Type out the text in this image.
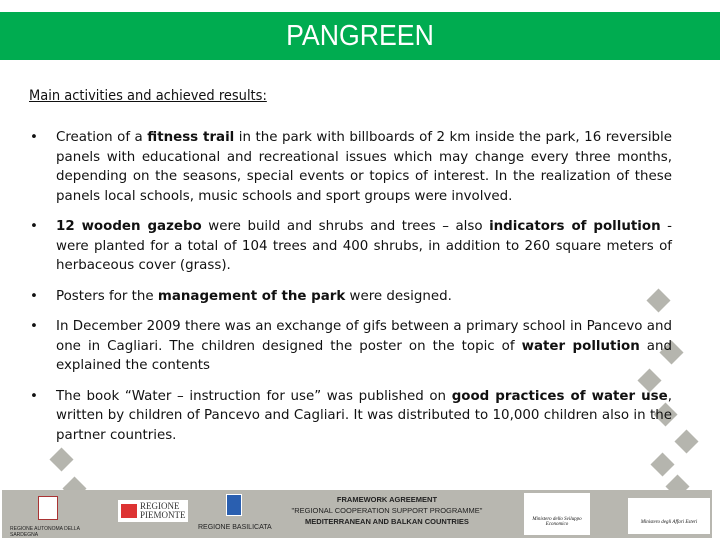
PANGREEN
Main activities and achieved results:
• Creation of a fitness trail in the park with billboards of 2 km inside the park, 16 reversible panels with educational and recreational issues which may change every three months, depending on the seasons, special events or topics of interest. In the realization of these panels local schools, music schools and sport groups were involved.
• 12 wooden gazebo were build and shrubs and trees – also indicators of pollution - were planted for a total of 104 trees and 400 shrubs, in addition to 260 square meters of herbaceous cover (grass).
• Posters for the management of the park were designed.
• In December 2009 there was an exchange of gifs between a primary school in Pancevo and one in Cagliari. The children designed the poster on the topic of water pollution and explained the contents
• The book “Water – instruction for use” was published on good practices of water use, written by children of Pancevo and Cagliari. It was distributed to 10,000 children also in the partner countries.
REGIONE AUTONOMA DELLA SARDEGNA
REGIONE PIEMONTE
REGIONE BASILICATA
FRAMEWORK AGREEMENT
"REGIONAL COOPERATION SUPPORT PROGRAMME"
MEDITERRANEAN AND BALKAN COUNTRIES	Ministero dello Sviluppo Economico	Ministero degli Affari Esteri
